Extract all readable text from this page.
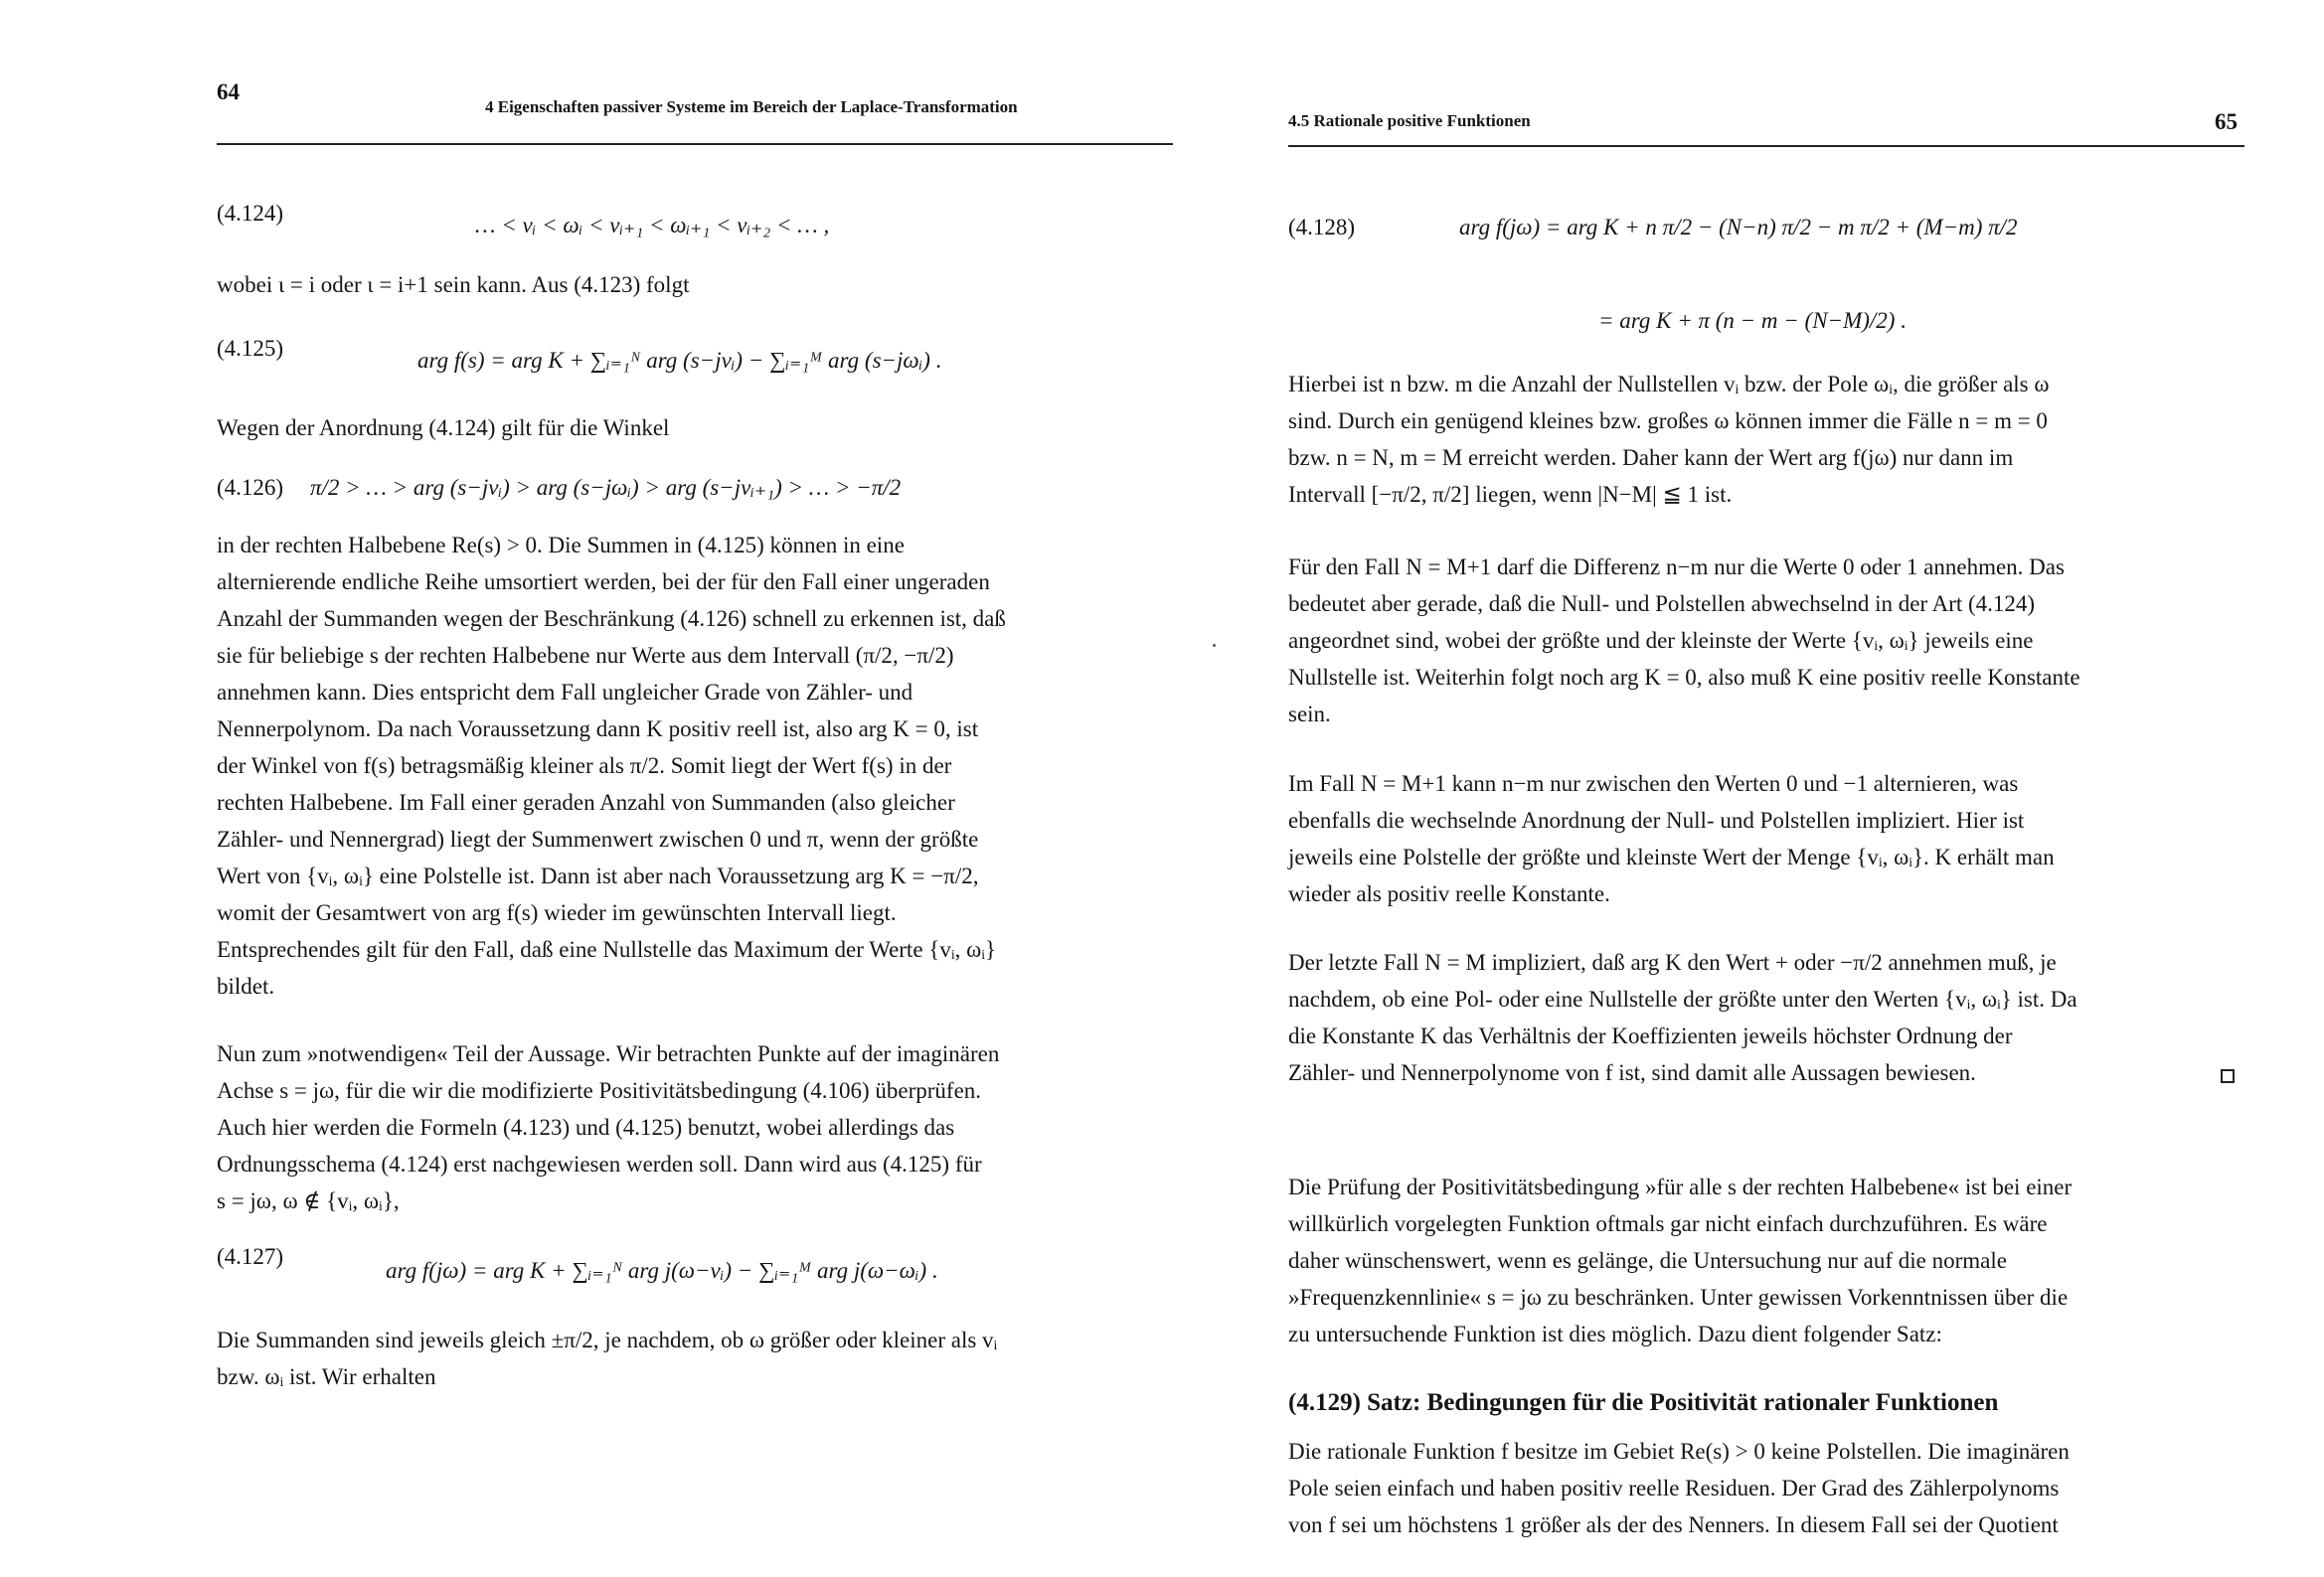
64
4 Eigenschaften passiver Systeme im Bereich der Laplace-Transformation
(4.124)	… < vᵢ < ωᵢ < vᵢ₊₁ < ωᵢ₊₁ < vᵢ₊₂ < … ,
wobei ι = i oder ι = i+1 sein kann. Aus (4.123) folgt
(4.125)	arg f(s) = arg K + ∑ᵢ₌₁ᴺ arg (s−jvᵢ) − ∑ᵢ₌₁ᴹ arg (s−jωᵢ) .
Wegen der Anordnung (4.124) gilt für die Winkel
(4.126) π/2 > … > arg (s−jvᵢ) > arg (s−jωᵢ) > arg (s−jvᵢ₊₁) > … > −π/2
in der rechten Halbebene Re(s) > 0. Die Summen in (4.125) können in eine
alternierende endliche Reihe umsortiert werden, bei der für den Fall einer ungeraden
Anzahl der Summanden wegen der Beschränkung (4.126) schnell zu erkennen ist, daß
sie für beliebige s der rechten Halbebene nur Werte aus dem Intervall (π/2, −π/2)
annehmen kann. Dies entspricht dem Fall ungleicher Grade von Zähler- und
Nennerpolynom. Da nach Voraussetzung dann K positiv reell ist, also arg K = 0, ist
der Winkel von f(s) betragsmäßig kleiner als π/2. Somit liegt der Wert f(s) in der
rechten Halbebene. Im Fall einer geraden Anzahl von Summanden (also gleicher
Zähler- und Nennergrad) liegt der Summenwert zwischen 0 und π, wenn der größte
Wert von {vᵢ, ωᵢ} eine Polstelle ist. Dann ist aber nach Voraussetzung arg K = −π/2,
womit der Gesamtwert von arg f(s) wieder im gewünschten Intervall liegt.
Entsprechendes gilt für den Fall, daß eine Nullstelle das Maximum der Werte {vᵢ, ωᵢ}
bildet.
Nun zum »notwendigen« Teil der Aussage. Wir betrachten Punkte auf der imaginären
Achse s = jω, für die wir die modifizierte Positivitätsbedingung (4.106) überprüfen.
Auch hier werden die Formeln (4.123) und (4.125) benutzt, wobei allerdings das
Ordnungsschema (4.124) erst nachgewiesen werden soll. Dann wird aus (4.125) für
s = jω, ω ∉ {vᵢ, ωᵢ},
(4.127)
arg f(jω) = arg K + ∑ᵢ₌₁ᴺ arg j(ω−vᵢ) − ∑ᵢ₌₁ᴹ arg j(ω−ωᵢ) .
Die Summanden sind jeweils gleich ±π/2, je nachdem, ob ω größer oder kleiner als vᵢ
bzw. ωᵢ ist. Wir erhalten
4.5 Rationale positive Funktionen	65
(4.128)	arg f(jω) = arg K + n π/2 − (N−n) π/2 − m π/2 + (M−m) π/2
= arg K + π (n − m − (N−M)/2) .
Hierbei ist n bzw. m die Anzahl der Nullstellen vᵢ bzw. der Pole ωᵢ, die größer als ω
sind. Durch ein genügend kleines bzw. großes ω können immer die Fälle n = m = 0
bzw. n = N, m = M erreicht werden. Daher kann der Wert arg f(jω) nur dann im
Intervall [−π/2, π/2] liegen, wenn |N−M| ≦ 1 ist.
Für den Fall N = M+1 darf die Differenz n−m nur die Werte 0 oder 1 annehmen. Das
bedeutet aber gerade, daß die Null- und Polstellen abwechselnd in der Art (4.124)
angeordnet sind, wobei der größte und der kleinste der Werte {vᵢ, ωᵢ} jeweils eine
Nullstelle ist. Weiterhin folgt noch arg K = 0, also muß K eine positiv reelle Konstante
sein.
Im Fall N = M+1 kann n−m nur zwischen den Werten 0 und −1 alternieren, was
ebenfalls die wechselnde Anordnung der Null- und Polstellen impliziert. Hier ist
jeweils eine Polstelle der größte und kleinste Wert der Menge {vᵢ, ωᵢ}. K erhält man
wieder als positiv reelle Konstante.
Der letzte Fall N = M impliziert, daß arg K den Wert + oder −π/2 annehmen muß, je
nachdem, ob eine Pol- oder eine Nullstelle der größte unter den Werten {vᵢ, ωᵢ} ist. Da
die Konstante K das Verhältnis der Koeffizienten jeweils höchster Ordnung der
Zähler- und Nennerpolynome von f ist, sind damit alle Aussagen bewiesen.
Die Prüfung der Positivitätsbedingung »für alle s der rechten Halbebene« ist bei einer
willkürlich vorgelegten Funktion oftmals gar nicht einfach durchzuführen. Es wäre
daher wünschenswert, wenn es gelänge, die Untersuchung nur auf die normale
»Frequenzkennlinie« s = jω zu beschränken. Unter gewissen Vorkenntnissen über die
zu untersuchende Funktion ist dies möglich. Dazu dient folgender Satz:
(4.129) Satz: Bedingungen für die Positivität rationaler Funktionen
Die rationale Funktion f besitze im Gebiet Re(s) > 0 keine Polstellen. Die imaginären
Pole seien einfach und haben positiv reelle Residuen. Der Grad des Zählerpolynoms
von f sei um höchstens 1 größer als der des Nenners. In diesem Fall sei der Quotient
